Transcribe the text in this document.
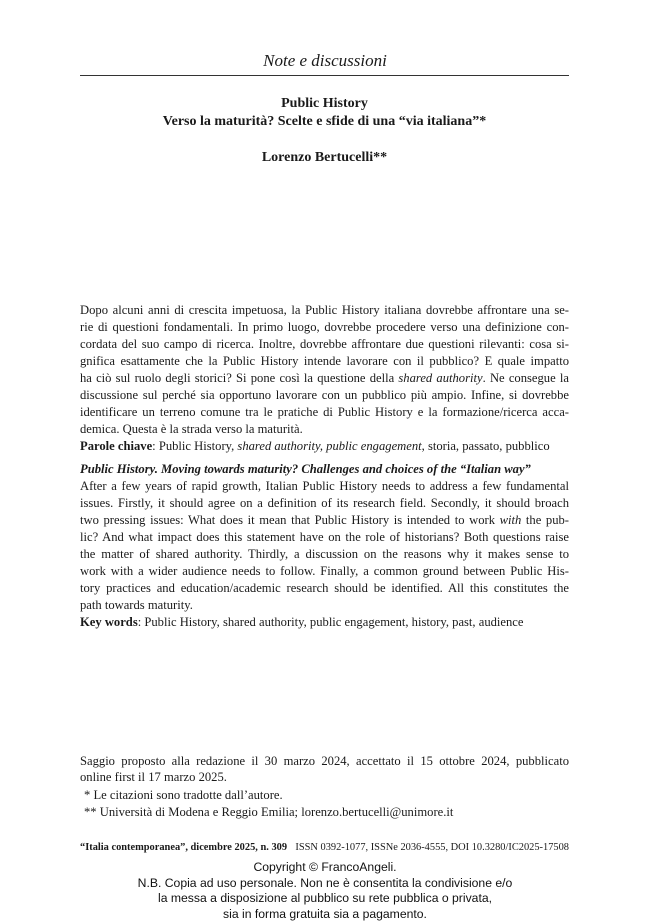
Note e discussioni
Public History
Verso la maturità? Scelte e sfide di una “via italiana”*
Lorenzo Bertucelli**
Dopo alcuni anni di crescita impetuosa, la Public History italiana dovrebbe affrontare una se-
rie di questioni fondamentali. In primo luogo, dovrebbe procedere verso una definizione con-
cordata del suo campo di ricerca. Inoltre, dovrebbe affrontare due questioni rilevanti: cosa si-
gnifica esattamente che la Public History intende lavorare con il pubblico? E quale impatto
ha ciò sul ruolo degli storici? Si pone così la questione della shared authority. Ne consegue la
discussione sul perché sia opportuno lavorare con un pubblico più ampio. Infine, si dovrebbe
identificare un terreno comune tra le pratiche di Public History e la formazione/ricerca acca-
demica. Questa è la strada verso la maturità.
Parole chiave: Public History, shared authority, public engagement, storia, passato, pubblico
Public History. Moving towards maturity? Challenges and choices of the “Italian way”
After a few years of rapid growth, Italian Public History needs to address a few fundamental
issues. Firstly, it should agree on a definition of its research field. Secondly, it should broach
two pressing issues: What does it mean that Public History is intended to work with the pub-
lic? And what impact does this statement have on the role of historians? Both questions raise
the matter of shared authority. Thirdly, a discussion on the reasons why it makes sense to
work with a wider audience needs to follow. Finally, a common ground between Public His-
tory practices and education/academic research should be identified. All this constitutes the
path towards maturity.
Key words: Public History, shared authority, public engagement, history, past, audience
Saggio proposto alla redazione il 30 marzo 2024, accettato il 15 ottobre 2024, pubblicato
online first il 17 marzo 2025.
* Le citazioni sono tradotte dall’autore.
** Università di Modena e Reggio Emilia; lorenzo.bertucelli@unimore.it
“Italia contemporanea”, dicembre 2025, n. 309 ISSN 0392-1077, ISSNe 2036-4555, DOI 10.3280/IC2025-17508
Copyright © FrancoAngeli.
N.B. Copia ad uso personale. Non ne è consentita la condivisione e/o
la messa a disposizione al pubblico su rete pubblica o privata,
sia in forma gratuita sia a pagamento.
